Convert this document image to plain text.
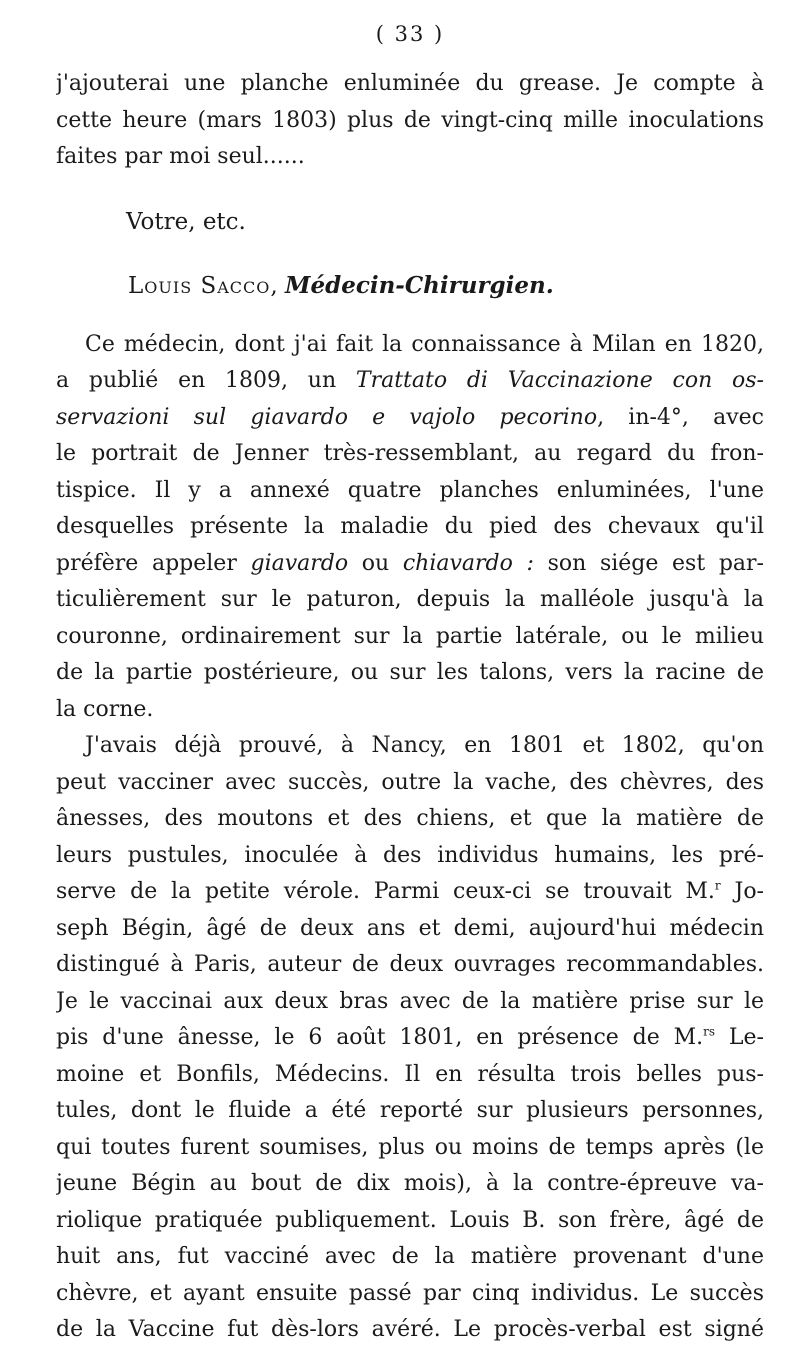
( 33 )
j'ajouterai une planche enluminée du grease. Je compte à
cette heure (mars 1803) plus de vingt-cinq mille inoculations
faites par moi seul......
Votre, etc.
Louis Sacco, Médecin-Chirurgien.
Ce médecin, dont j'ai fait la connaissance à Milan en 1820,
a publié en 1809, un Trattato di Vaccinazione con os-
servazioni sul giavardo e vajolo pecorino, in-4°, avec
le portrait de Jenner très-ressemblant, au regard du fron-
tispice. Il y a annexé quatre planches enluminées, l'une
desquelles présente la maladie du pied des chevaux qu'il
préfère appeler giavardo ou chiavardo : son siége est par-
ticulièrement sur le paturon, depuis la malléole jusqu'à la
couronne, ordinairement sur la partie latérale, ou le milieu
de la partie postérieure, ou sur les talons, vers la racine de
la corne.
J'avais déjà prouvé, à Nancy, en 1801 et 1802, qu'on
peut vacciner avec succès, outre la vache, des chèvres, des
ânesses, des moutons et des chiens, et que la matière de
leurs pustules, inoculée à des individus humains, les pré-
serve de la petite vérole. Parmi ceux-ci se trouvait M.$^r$ Jo-
seph Bégin, âgé de deux ans et demi, aujourd'hui médecin
distingué à Paris, auteur de deux ouvrages recommandables.
Je le vaccinai aux deux bras avec de la matière prise sur le
pis d'une ânesse, le 6 août 1801, en présence de M.$^{rs}$ Le-
moine et Bonfils, Médecins. Il en résulta trois belles pus-
tules, dont le fluide a été reporté sur plusieurs personnes,
qui toutes furent soumises, plus ou moins de temps après (le
jeune Bégin au bout de dix mois), à la contre-épreuve va-
riolique pratiquée publiquement. Louis B. son frère, âgé de
huit ans, fut vacciné avec de la matière provenant d'une
chèvre, et ayant ensuite passé par cinq individus. Le succès
de la Vaccine fut dès-lors avéré. Le procès-verbal est signé
